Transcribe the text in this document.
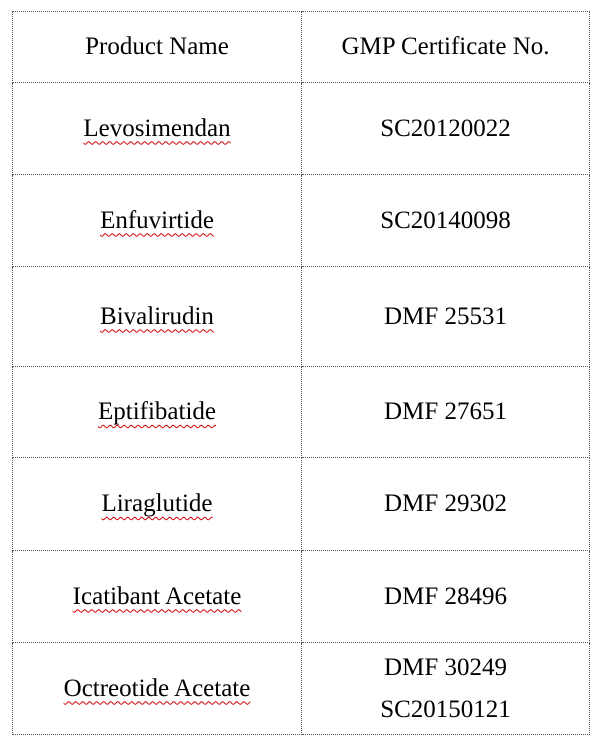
Product Name	GMP Certificate No.
Levosimendan	SC20120022
Enfuvirtide	SC20140098
Bivalirudin	DMF 25531
Eptifibatide	DMF 27651
Liraglutide	DMF 29302
Icatibant Acetate	DMF 28496
Octreotide Acetate	DMF 30249
SC20150121
